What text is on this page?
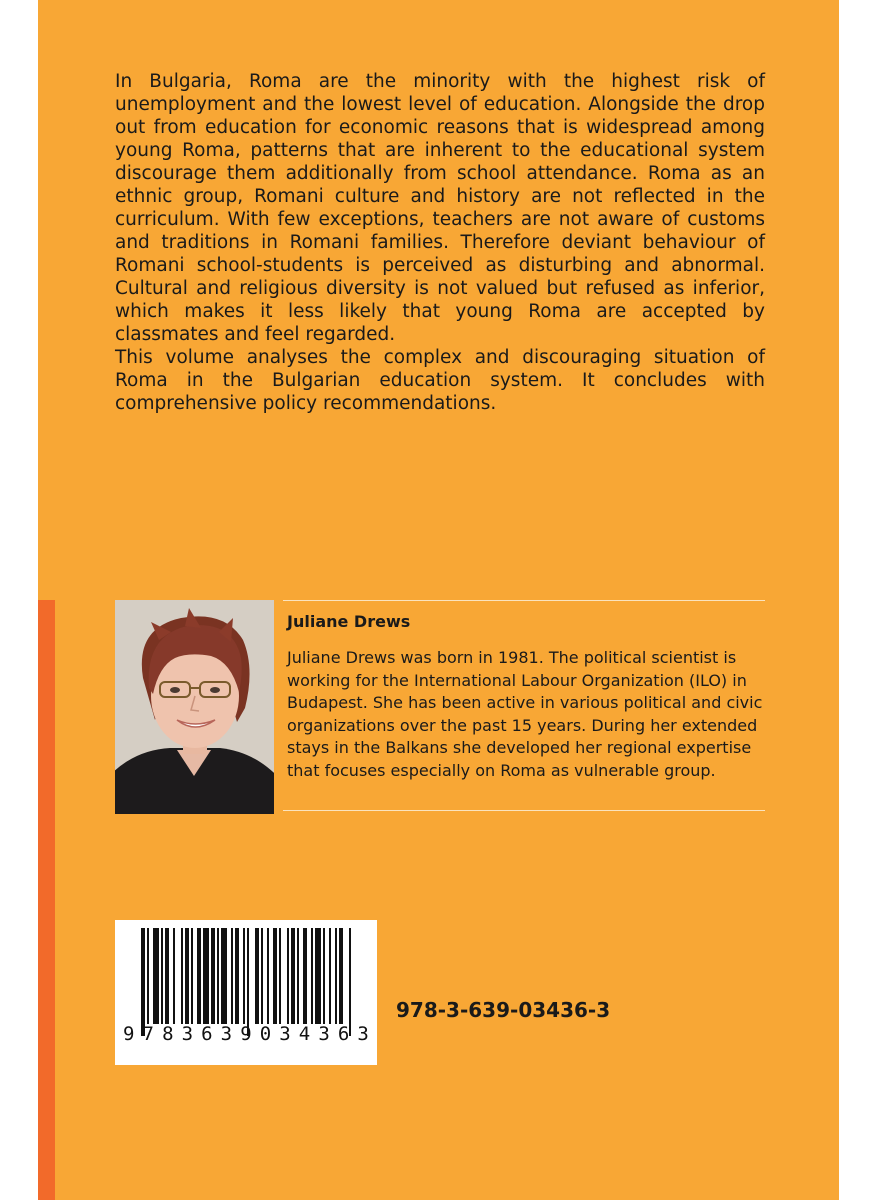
In Bulgaria, Roma are the minority with the highest risk of unemployment and the lowest level of education. Alongside the drop out from education for economic reasons that is widespread among young Roma, patterns that are inherent to the educational system discourage them additionally from school attendance. Roma as an ethnic group, Romani culture and history are not reflected in the curriculum. With few exceptions, teachers are not aware of customs and traditions in Romani families. Therefore deviant behaviour of Romani school-students is perceived as disturbing and abnormal. Cultural and religious diversity is not valued but refused as inferior, which makes it less likely that young Roma are accepted by classmates and feel regarded.

This volume analyses the complex and discouraging situation of Roma in the Bulgarian education system. It concludes with comprehensive policy recommendations.

Juliane Drews
Juliane Drews was born in 1981. The political scientist is working for the International Labour Organization (ILO) in Budapest. She has been active in various political and civic organizations over the past 15 years. During her extended stays in the Balkans she developed her regional expertise that focuses especially on Roma as vulnerable group.
9 7 8 3 6 3 9 0 3 4 3 6 3
978-3-639-03436-3
